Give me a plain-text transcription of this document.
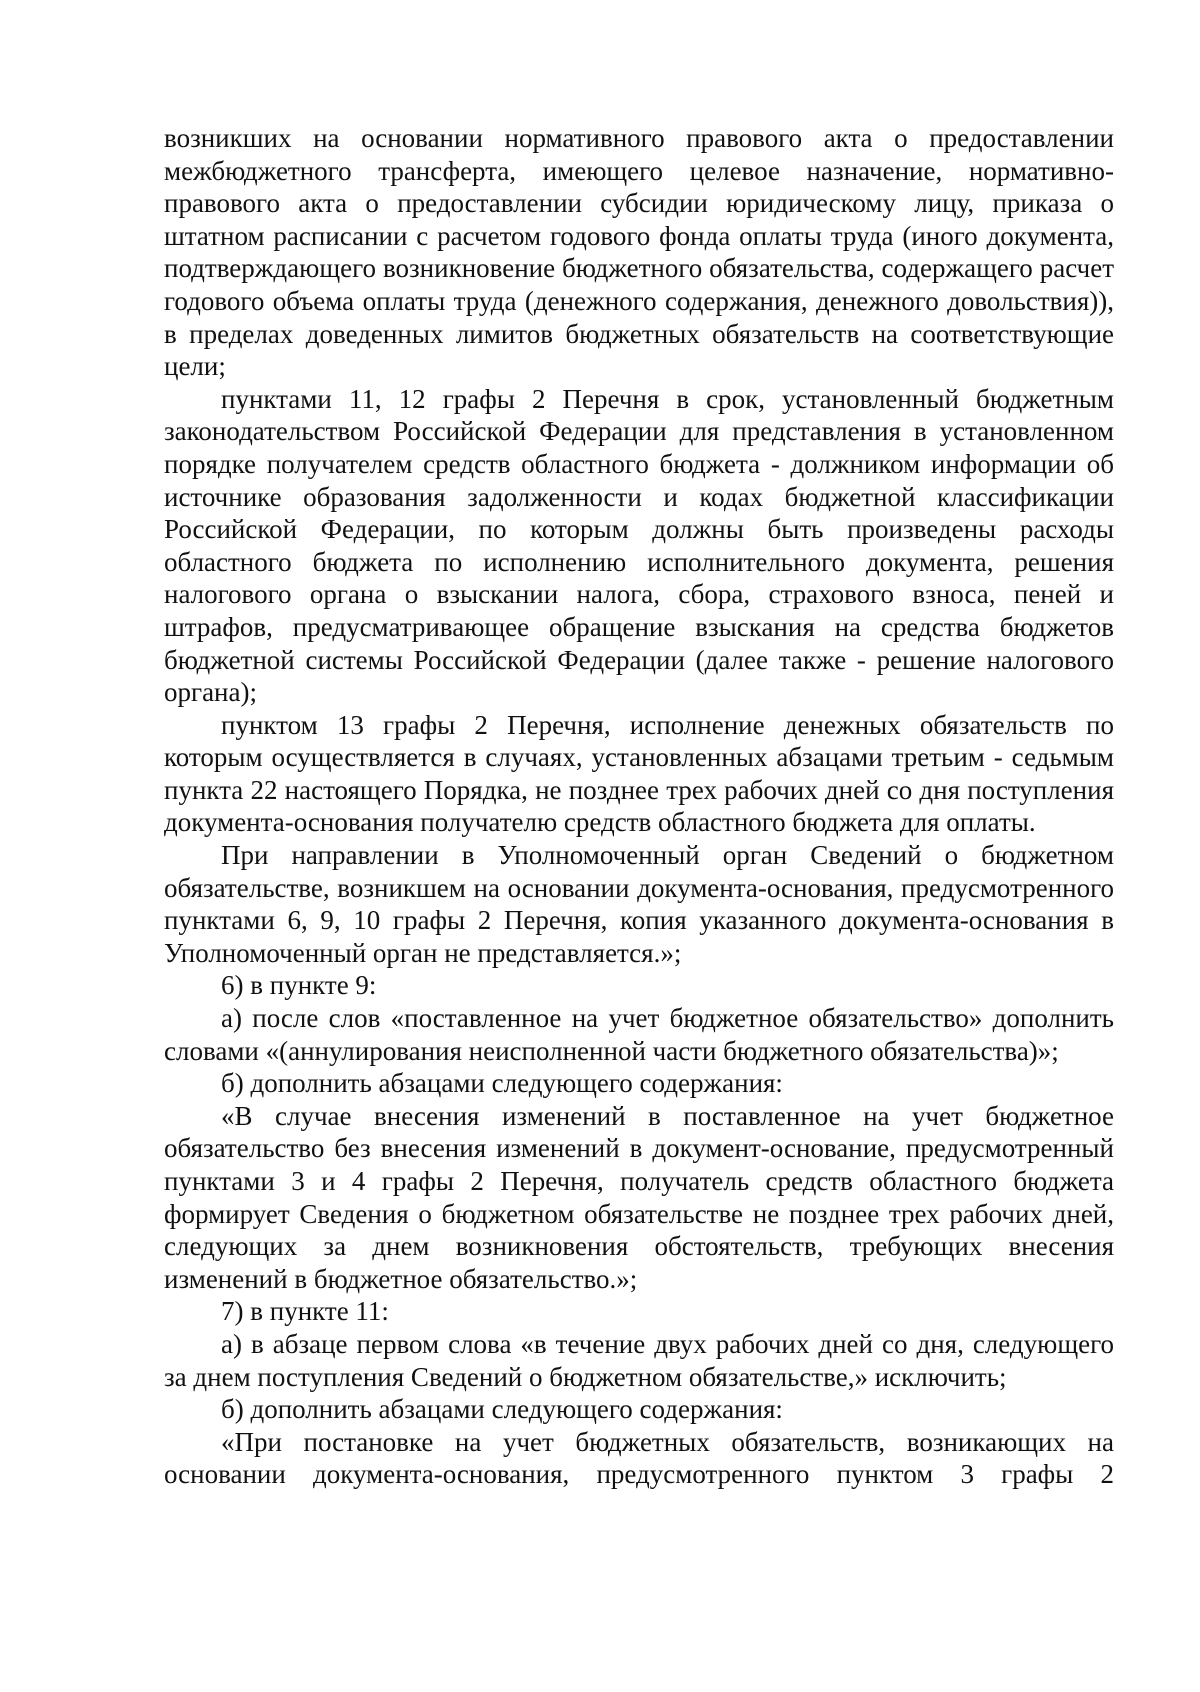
возникших на основании нормативного правового акта о предоставлении межбюджетного трансферта, имеющего целевое назначение, нормативно-правового акта о предоставлении субсидии юридическому лицу, приказа о штатном расписании с расчетом годового фонда оплаты труда (иного документа, подтверждающего возникновение бюджетного обязательства, содержащего расчет годового объема оплаты труда (денежного содержания, денежного довольствия)), в пределах доведенных лимитов бюджетных обязательств на соответствующие цели;

пунктами 11, 12 графы 2 Перечня в срок, установленный бюджетным законодательством Российской Федерации для представления в установленном порядке получателем средств областного бюджета - должником информации об источнике образования задолженности и кодах бюджетной классификации Российской Федерации, по которым должны быть произведены расходы областного бюджета по исполнению исполнительного документа, решения налогового органа о взыскании налога, сбора, страхового взноса, пеней и штрафов, предусматривающее обращение взыскания на средства бюджетов бюджетной системы Российской Федерации (далее также - решение налогового органа);

пунктом 13 графы 2 Перечня, исполнение денежных обязательств по которым осуществляется в случаях, установленных абзацами третьим - седьмым пункта 22 настоящего Порядка, не позднее трех рабочих дней со дня поступления документа-основания получателю средств областного бюджета для оплаты.

При направлении в Уполномоченный орган Сведений о бюджетном обязательстве, возникшем на основании документа-основания, предусмотренного пунктами 6, 9, 10 графы 2 Перечня, копия указанного документа-основания в Уполномоченный орган не представляется.»;

6) в пункте 9:

а) после слов «поставленное на учет бюджетное обязательство» дополнить словами «(аннулирования неисполненной части бюджетного обязательства)»;

б) дополнить абзацами следующего содержания:

«В случае внесения изменений в поставленное на учет бюджетное обязательство без внесения изменений в документ-основание, предусмотренный пунктами 3 и 4 графы 2 Перечня, получатель средств областного бюджета формирует Сведения о бюджетном обязательстве не позднее трех рабочих дней, следующих за днем возникновения обстоятельств, требующих внесения изменений в бюджетное обязательство.»;

7) в пункте 11:

а) в абзаце первом слова «в течение двух рабочих дней со дня, следующего за днем поступления Сведений о бюджетном обязательстве,» исключить;

б) дополнить абзацами следующего содержания:

«При постановке на учет бюджетных обязательств, возникающих на основании документа-основания, предусмотренного пунктом 3 графы 2
